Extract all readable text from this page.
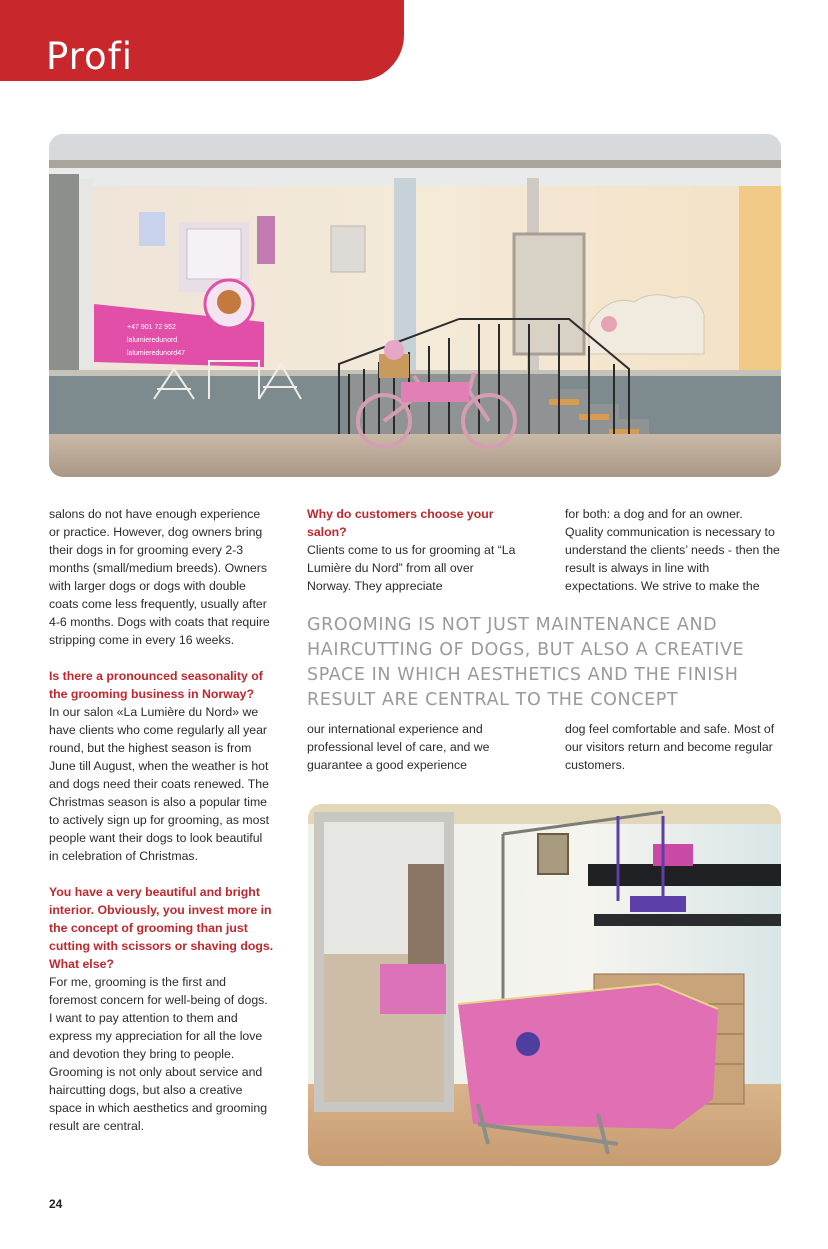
Profi
+47 901 72 952
lalumieredunord
lalumieredunord47

salons do not have enough experience or practice. However, dog owners bring their dogs in for grooming every 2-3 months (small/medium breeds). Owners with larger dogs or dogs with double coats come less frequently, usually after 4-6 months. Dogs with coats that require stripping come in every 16 weeks.

Is there a pronounced seasonality of the grooming business in Norway?

In our salon «La Lumière du Nord» we have clients who come regularly all year round, but the highest season is from June till August, when the weather is hot and dogs need their coats renewed. The Christmas season is also a popular time to actively sign up for grooming, as most people want their dogs to look beautiful in celebration of Christmas.

You have a very beautiful and bright interior. Obviously, you invest more in the concept of grooming than just cutting with scissors or shaving dogs. What else?

For me, grooming is the first and foremost concern for well-being of dogs. I want to pay attention to them and express my appreciation for all the love and devotion they bring to people. Grooming is not only about service and haircutting dogs, but also a creative space in which aesthetics and grooming result are central.

Why do customers choose your salon?

Clients come to us for grooming at “La Lumière du Nord” from all over Norway. They appreciate

our international experience and professional level of care, and we guarantee a good experience

for both: a dog and for an owner. Quality communication is necessary to understand the clients’ needs - then the result is always in line with expectations. We strive to make the

dog feel comfortable and safe. Most of our visitors return and become regular customers.

GROOMING IS NOT JUST MAINTENANCE AND HAIRCUTTING OF DOGS, BUT ALSO A CREATIVE SPACE IN WHICH AESTHETICS AND THE FINISH RESULT ARE CENTRAL TO THE CONCEPT

24
